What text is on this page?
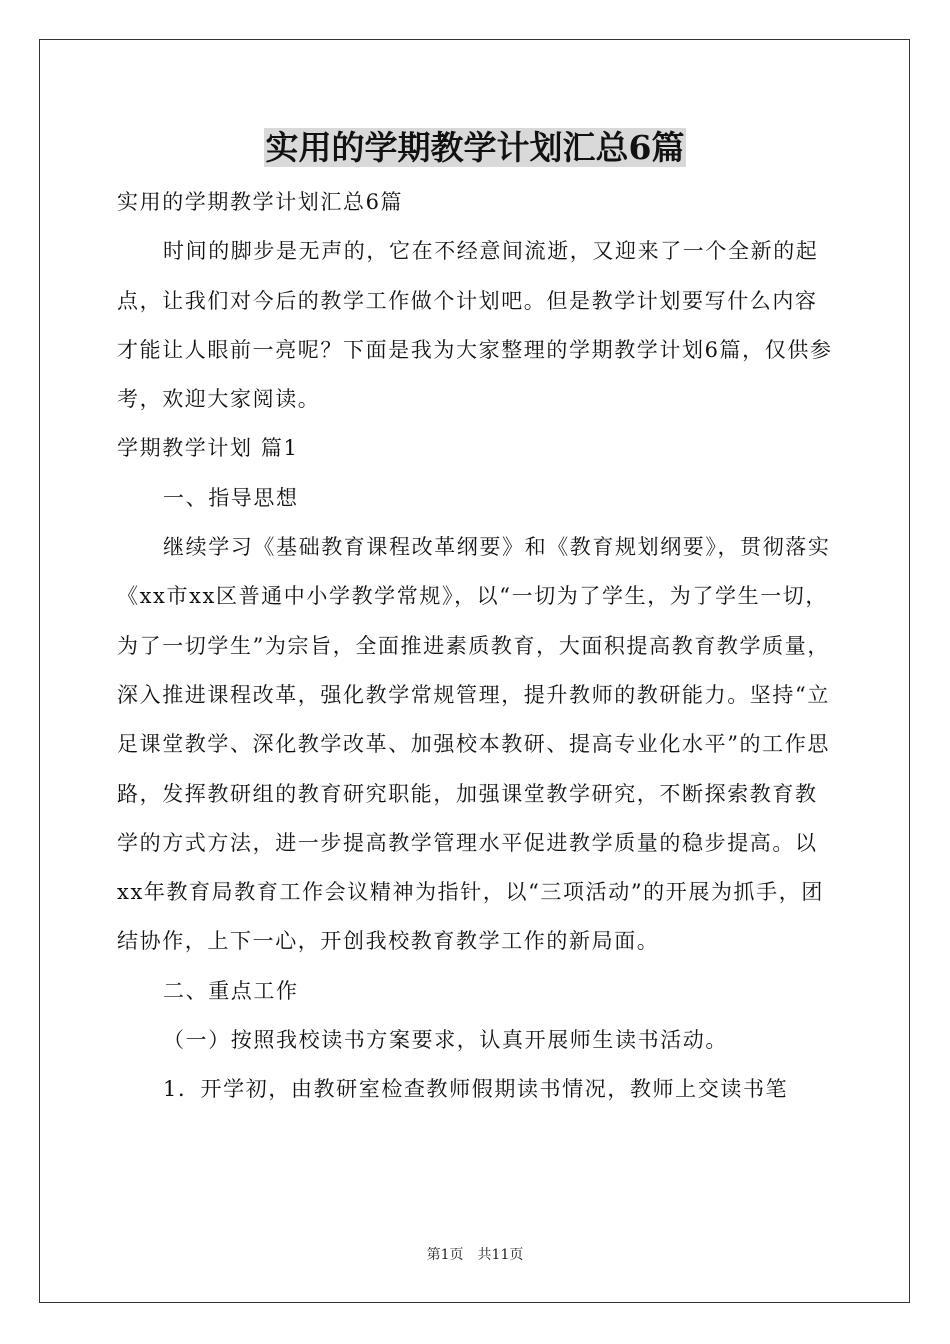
实用的学期教学计划汇总6篇

实用的学期教学计划汇总6篇

时间的脚步是无声的，它在不经意间流逝，又迎来了一个全新的起点，让我们对今后的教学工作做个计划吧。但是教学计划要写什么内容才能让人眼前一亮呢？下面是我为大家整理的学期教学计划6篇，仅供参考，欢迎大家阅读。

学期教学计划 篇1

一、指导思想

继续学习《基础教育课程改革纲要》和《教育规划纲要》，贯彻落实《xx市xx区普通中小学教学常规》，以“一切为了学生，为了学生一切，为了一切学生”为宗旨，全面推进素质教育，大面积提高教育教学质量，深入推进课程改革，强化教学常规管理，提升教师的教研能力。坚持“立足课堂教学、深化教学改革、加强校本教研、提高专业化水平”的工作思路，发挥教研组的教育研究职能，加强课堂教学研究，不断探索教育教学的方式方法，进一步提高教学管理水平促进教学质量的稳步提高。以xx年教育局教育工作会议精神为指针，以“三项活动”的开展为抓手，团结协作，上下一心，开创我校教育教学工作的新局面。

二、重点工作

（一）按照我校读书方案要求，认真开展师生读书活动。

1．开学初，由教研室检查教师假期读书情况，教师上交读书笔

第1页　共11页
